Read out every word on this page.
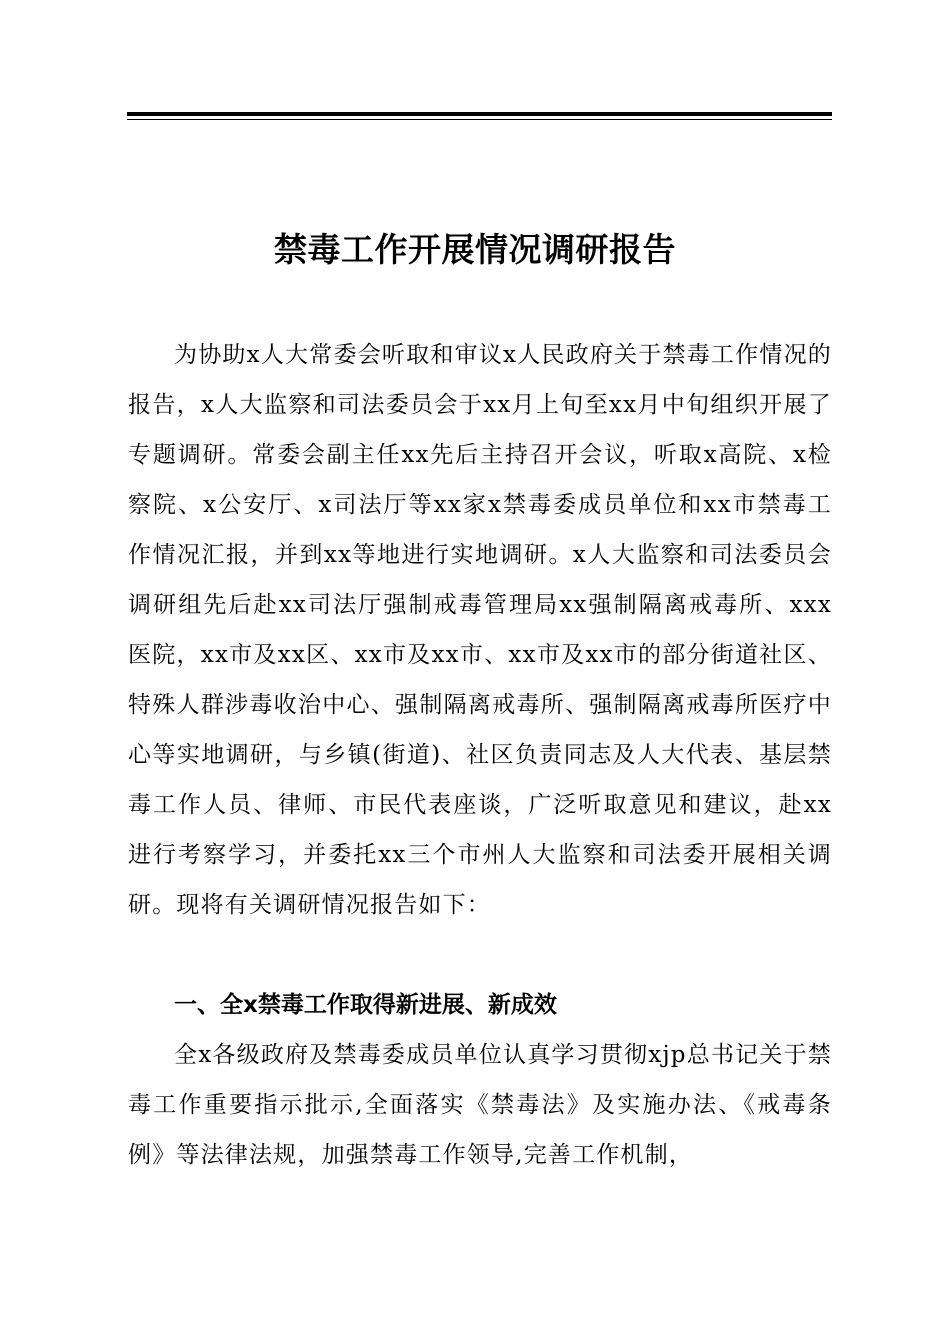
禁毒工作开展情况调研报告

为协助x人大常委会听取和审议x人民政府关于禁毒工作情况的报告，x人大监察和司法委员会于xx月上旬至xx月中旬组织开展了专题调研。常委会副主任xx先后主持召开会议，听取x高院、x检察院、x公安厅、x司法厅等xx家x禁毒委成员单位和xx市禁毒工作情况汇报，并到xx等地进行实地调研。x人大监察和司法委员会调研组先后赴xx司法厅强制戒毒管理局xx强制隔离戒毒所、xxx医院，xx市及xx区、xx市及xx市、xx市及xx市的部分街道社区、特殊人群涉毒收治中心、强制隔离戒毒所、强制隔离戒毒所医疗中心等实地调研，与乡镇(街道)、社区负责同志及人大代表、基层禁毒工作人员、律师、市民代表座谈，广泛听取意见和建议，赴xx进行考察学习，并委托xx三个市州人大监察和司法委开展相关调研。现将有关调研情况报告如下：

一、全x禁毒工作取得新进展、新成效

全x各级政府及禁毒委成员单位认真学习贯彻xjp总书记关于禁毒工作重要指示批示,全面落实《禁毒法》及实施办法、《戒毒条例》等法律法规，加强禁毒工作领导,完善工作机制，
